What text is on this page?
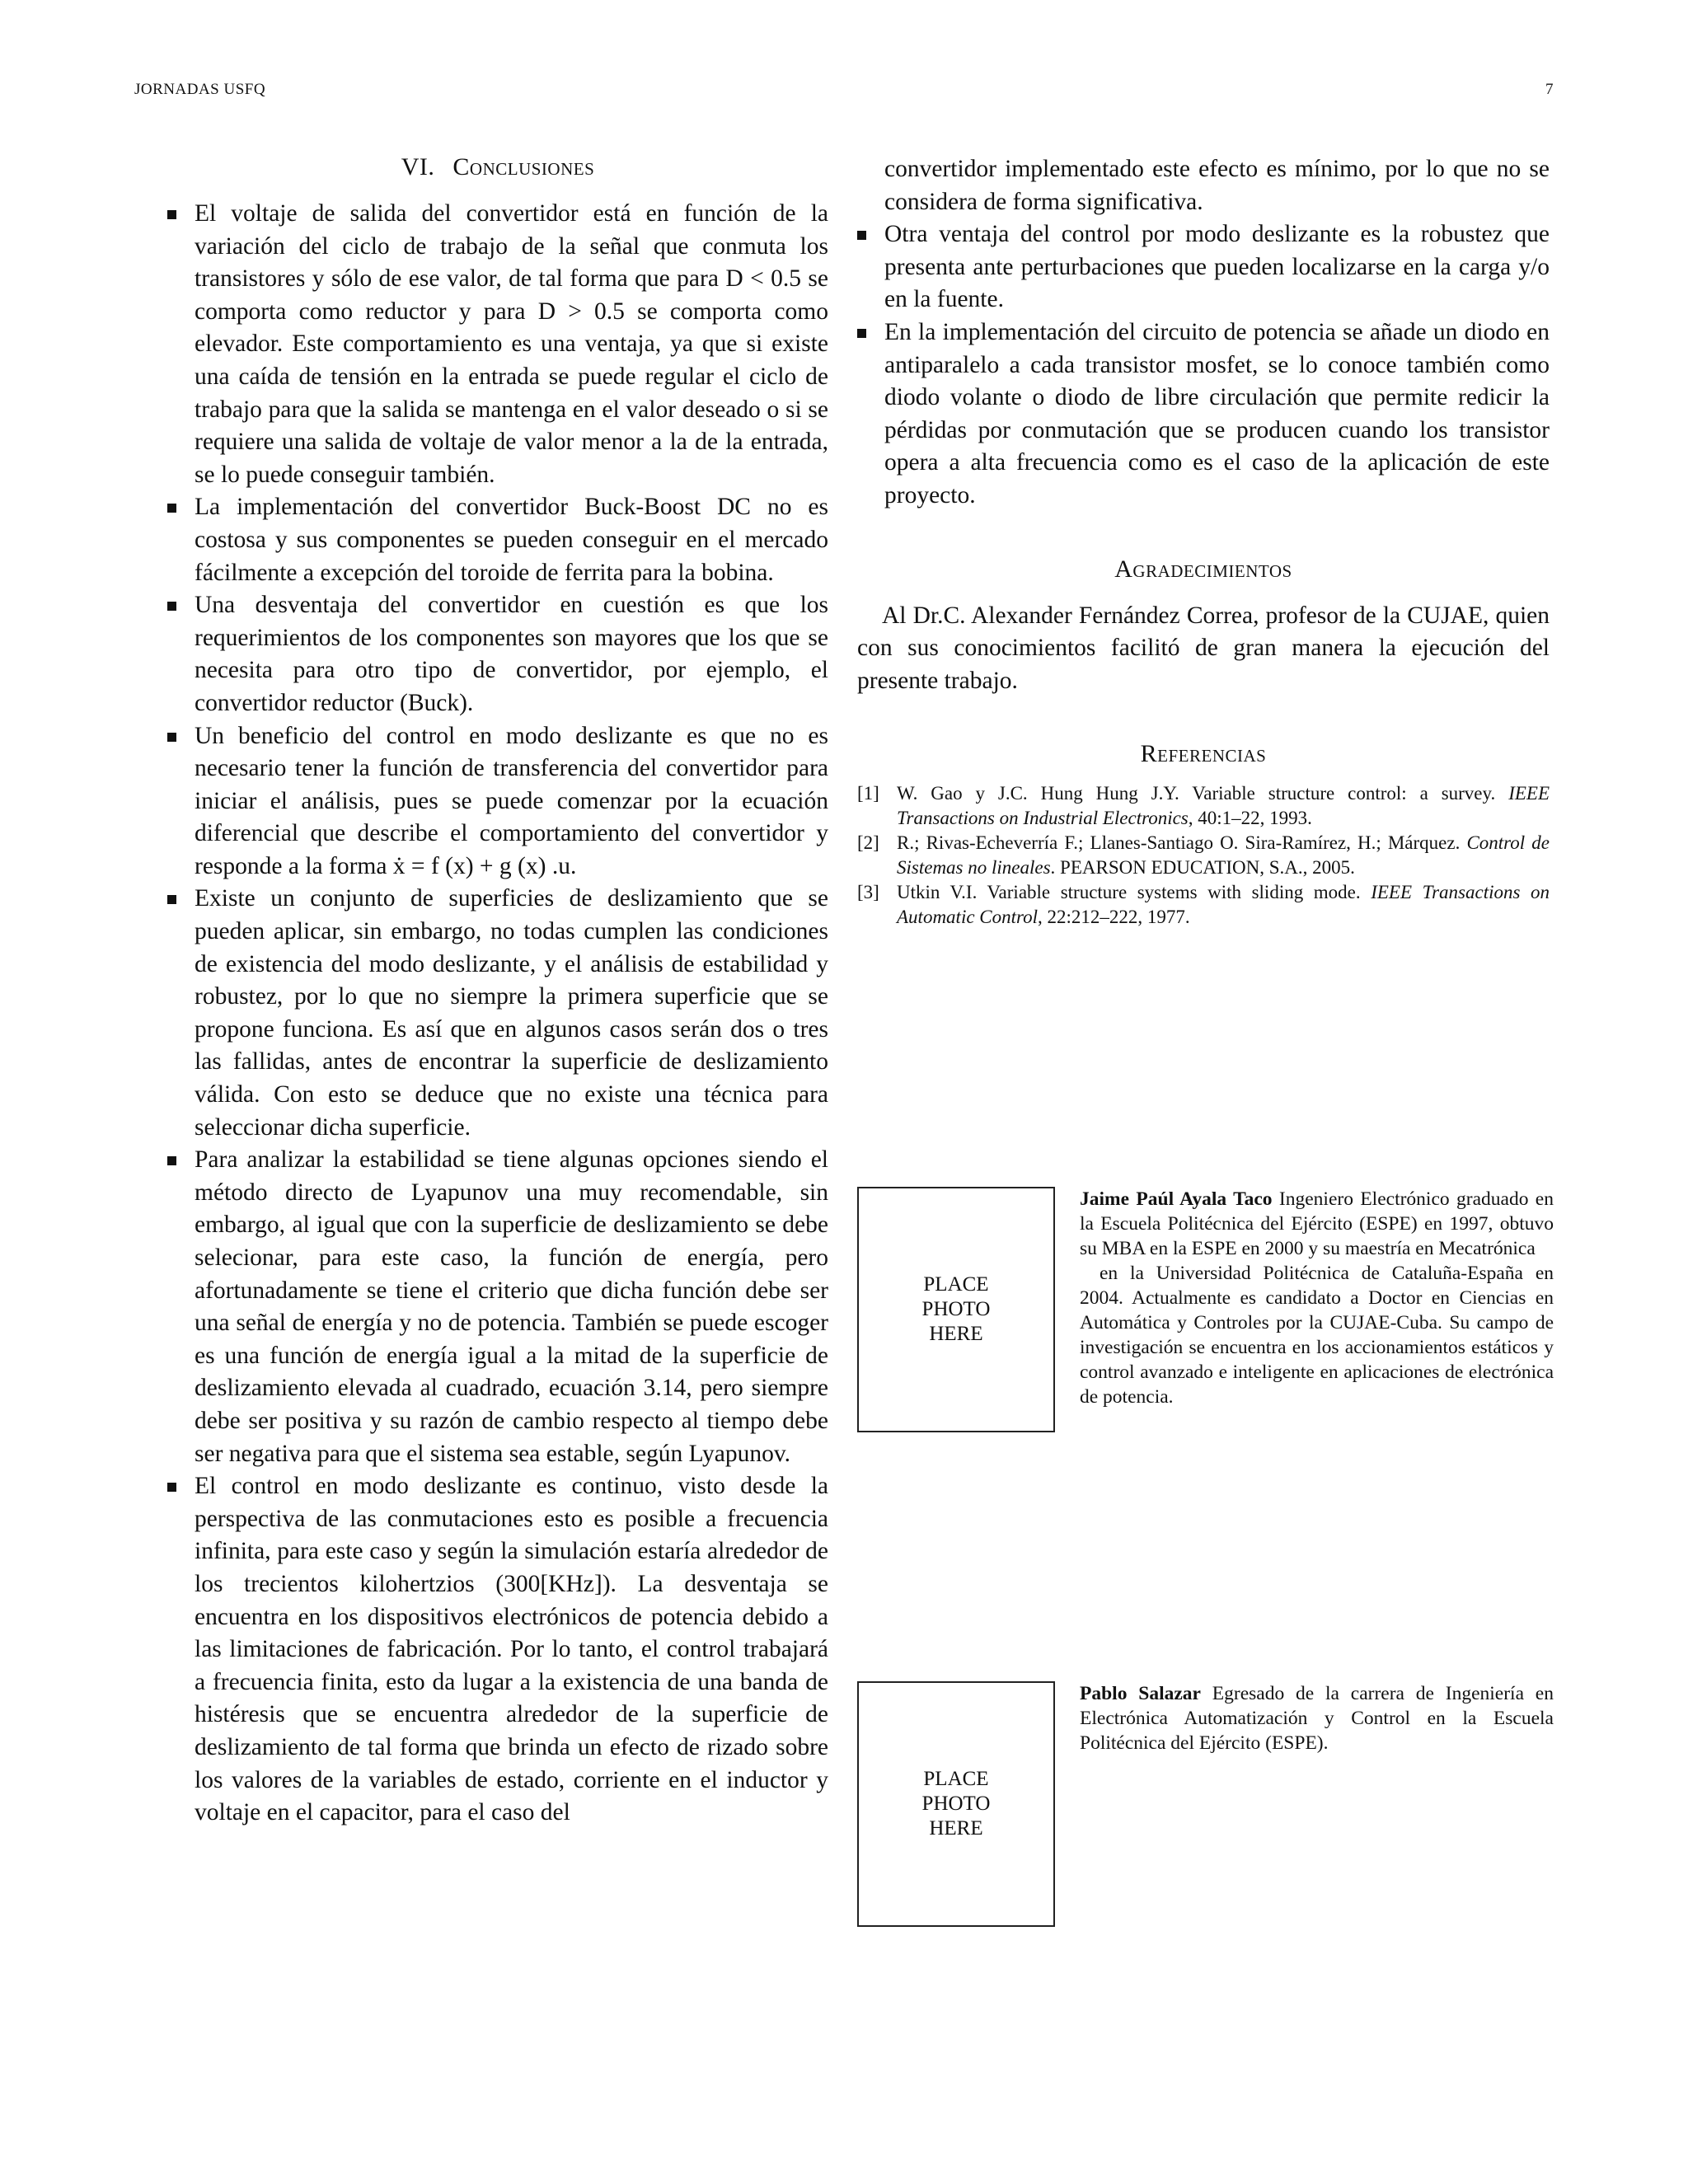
JORNADAS USFQ	7
VI. Conclusiones
El voltaje de salida del convertidor está en función de la variación del ciclo de trabajo de la señal que conmuta los transistores y sólo de ese valor, de tal forma que para D < 0.5 se comporta como reductor y para D > 0.5 se comporta como elevador. Este comportamiento es una ventaja, ya que si existe una caída de tensión en la entrada se puede regular el ciclo de trabajo para que la salida se mantenga en el valor deseado o si se requiere una salida de voltaje de valor menor a la de la entrada, se lo puede conseguir también.
La implementación del convertidor Buck-Boost DC no es costosa y sus componentes se pueden conseguir en el mercado fácilmente a excepción del toroide de ferrita para la bobina.
Una desventaja del convertidor en cuestión es que los requerimientos de los componentes son mayores que los que se necesita para otro tipo de convertidor, por ejemplo, el convertidor reductor (Buck).
Un beneficio del control en modo deslizante es que no es necesario tener la función de transferencia del convertidor para iniciar el análisis, pues se puede comenzar por la ecuación diferencial que describe el comportamiento del convertidor y responde a la forma ẋ = f (x) + g (x) .u.
Existe un conjunto de superficies de deslizamiento que se pueden aplicar, sin embargo, no todas cumplen las condiciones de existencia del modo deslizante, y el análisis de estabilidad y robustez, por lo que no siempre la primera superficie que se propone funciona. Es así que en algunos casos serán dos o tres las fallidas, antes de encontrar la superficie de deslizamiento válida. Con esto se deduce que no existe una técnica para seleccionar dicha superficie.
Para analizar la estabilidad se tiene algunas opciones siendo el método directo de Lyapunov una muy recomendable, sin embargo, al igual que con la superficie de deslizamiento se debe selecionar, para este caso, la función de energía, pero afortunadamente se tiene el criterio que dicha función debe ser una señal de energía y no de potencia. También se puede escoger es una función de energía igual a la mitad de la superficie de deslizamiento elevada al cuadrado, ecuación 3.14, pero siempre debe ser positiva y su razón de cambio respecto al tiempo debe ser negativa para que el sistema sea estable, según Lyapunov.
El control en modo deslizante es continuo, visto desde la perspectiva de las conmutaciones esto es posible a frecuencia infinita, para este caso y según la simulación estaría alrededor de los trecientos kilohertzios (300[KHz]). La desventaja se encuentra en los dispositivos electrónicos de potencia debido a las limitaciones de fabricación. Por lo tanto, el control trabajará a frecuencia finita, esto da lugar a la existencia de una banda de histéresis que se encuentra alrededor de la superficie de deslizamiento de tal forma que brinda un efecto de rizado sobre los valores de la variables de estado, corriente en el inductor y voltaje en el capacitor, para el caso del
convertidor implementado este efecto es mínimo, por lo que no se considera de forma significativa.
Otra ventaja del control por modo deslizante es la robustez que presenta ante perturbaciones que pueden localizarse en la carga y/o en la fuente.
En la implementación del circuito de potencia se añade un diodo en antiparalelo a cada transistor mosfet, se lo conoce también como diodo volante o diodo de libre circulación que permite redicir la pérdidas por conmutación que se producen cuando los transistor opera a alta frecuencia como es el caso de la aplicación de este proyecto.
Agradecimientos

Al Dr.C. Alexander Fernández Correa, profesor de la CUJAE, quien con sus conocimientos facilitó de gran manera la ejecución del presente trabajo.

Referencias
[1] W. Gao y J.C. Hung Hung J.Y. Variable structure control: a survey. IEEE Transactions on Industrial Electronics, 40:1–22, 1993.
[2] R.; Rivas-Echeverría F.; Llanes-Santiago O. Sira-Ramírez, H.; Márquez. Control de Sistemas no lineales. PEARSON EDUCATION, S.A., 2005.
[3] Utkin V.I. Variable structure systems with sliding mode. IEEE Transactions on Automatic Control, 22:212–222, 1977.
PLACE
PHOTO
HERE
Jaime Paúl Ayala Taco Ingeniero Electrónico graduado en la Escuela Politécnica del Ejército (ESPE) en 1997, obtuvo su MBA en la ESPE en 2000 y su maestría en Mecatrónica
en la Universidad Politécnica de Cataluña-España en 2004. Actualmente es candidato a Doctor en Ciencias en Automática y Controles por la CUJAE-Cuba. Su campo de investigación se encuentra en los accionamientos estáticos y control avanzado e inteligente en aplicaciones de electrónica de potencia.
PLACE
PHOTO
HERE
Pablo Salazar Egresado de la carrera de Ingeniería en Electrónica Automatización y Control en la Escuela Politécnica del Ejército (ESPE).
